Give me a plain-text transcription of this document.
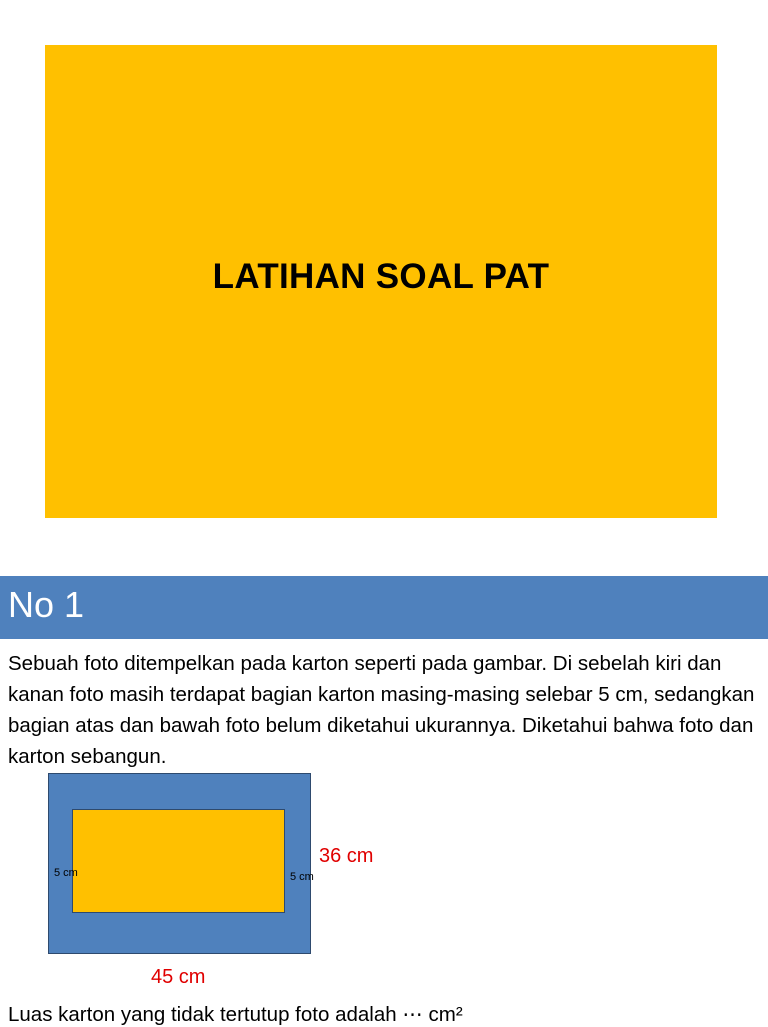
LATIHAN SOAL PAT
No 1

Sebuah foto ditempelkan pada karton seperti pada gambar. Di sebelah kiri dan kanan foto masih terdapat bagian karton masing-masing selebar 5 cm, sedangkan bagian atas dan bawah foto belum diketahui ukurannya. Diketahui bahwa foto dan karton sebangun.

5 cm	5 cm
36 cm
45 cm
Luas karton yang tidak tertutup foto adalah ⋯ cm²
